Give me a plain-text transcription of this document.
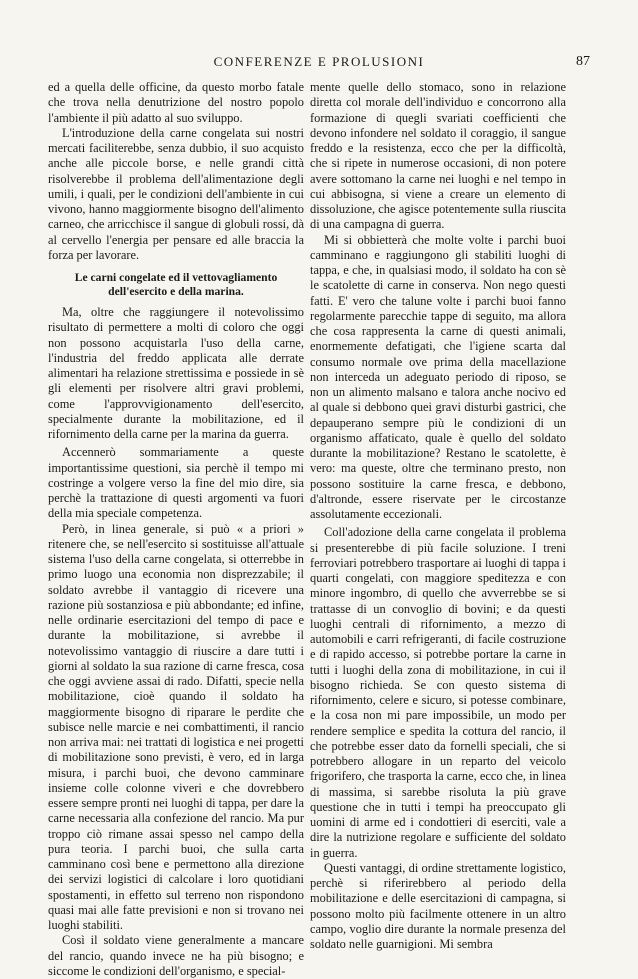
CONFERENZE E PROLUSIONI	87

ed a quella delle officine, da questo morbo fatale che trova nella denutrizione del nostro popolo l'ambiente il più adatto al suo sviluppo.

L'introduzione della carne congelata sui nostri mercati faciliterebbe, senza dubbio, il suo acquisto anche alle piccole borse, e nelle grandi città risolverebbe il problema dell'alimentazione degli umili, i quali, per le condizioni dell'ambiente in cui vivono, hanno maggiormente bisogno dell'alimento carneo, che arricchisce il sangue di globuli rossi, dà al cervello l'energia per pensare ed alle braccia la forza per lavorare.

Le carni congelate ed il vettovagliamento dell'esercito e della marina.

Ma, oltre che raggiungere il notevolissimo risultato di permettere a molti di coloro che oggi non possono acquistarla l'uso della carne, l'industria del freddo applicata alle derrate alimentari ha relazione strettissima e possiede in sè gli elementi per risolvere altri gravi problemi, come l'approvvigionamento dell'esercito, specialmente durante la mobilitazione, ed il rifornimento della carne per la marina da guerra.

Accennerò sommariamente a queste importantissime questioni, sia perchè il tempo mi costringe a volgere verso la fine del mio dire, sia perchè la trattazione di questi argomenti va fuori della mia speciale competenza.

Però, in linea generale, si può « a priori » ritenere che, se nell'esercito si sostituisse all'attuale sistema l'uso della carne congelata, si otterrebbe in primo luogo una economia non disprezzabile; il soldato avrebbe il vantaggio di ricevere una razione più sostanziosa e più abbondante; ed infine, nelle ordinarie esercitazioni del tempo di pace e durante la mobilitazione, si avrebbe il notevolissimo vantaggio di riuscire a dare tutti i giorni al soldato la sua razione di carne fresca, cosa che oggi avviene assai di rado. Difatti, specie nella mobilitazione, cioè quando il soldato ha maggiormente bisogno di riparare le perdite che subisce nelle marcie e nei combattimenti, il rancio non arriva mai: nei trattati di logistica e nei progetti di mobilitazione sono previsti, è vero, ed in larga misura, i parchi buoi, che devono camminare insieme colle colonne viveri e che dovrebbero essere sempre pronti nei luoghi di tappa, per dare la carne necessaria alla confezione del rancio. Ma pur troppo ciò rimane assai spesso nel campo della pura teoria. I parchi buoi, che sulla carta camminano così bene e permettono alla direzione dei servizi logistici di calcolare i loro quotidiani spostamenti, in effetto sul terreno non rispondono quasi mai alle fatte previsioni e non si trovano nei luoghi stabiliti.

Così il soldato viene generalmente a mancare del rancio, quando invece ne ha più bisogno; e siccome le condizioni dell'organismo, e special-

mente quelle dello stomaco, sono in relazione diretta col morale dell'individuo e concorrono alla formazione di quegli svariati coefficienti che devono infondere nel soldato il coraggio, il sangue freddo e la resistenza, ecco che per la difficoltà, che si ripete in numerose occasioni, di non potere avere sottomano la carne nei luoghi e nel tempo in cui abbisogna, si viene a creare un elemento di dissoluzione, che agisce potentemente sulla riuscita di una campagna di guerra.

Mi si obbietterà che molte volte i parchi buoi camminano e raggiungono gli stabiliti luoghi di tappa, e che, in qualsiasi modo, il soldato ha con sè le scatolette di carne in conserva. Non nego questi fatti. E' vero che talune volte i parchi buoi fanno regolarmente parecchie tappe di seguito, ma allora che cosa rappresenta la carne di questi animali, enormemente defatigati, che l'igiene scarta dal consumo normale ove prima della macellazione non interceda un adeguato periodo di riposo, se non un alimento malsano e talora anche nocivo ed al quale si debbono quei gravi disturbi gastrici, che depauperano sempre più le condizioni di un organismo affaticato, quale è quello del soldato durante la mobilitazione? Restano le scatolette, è vero: ma queste, oltre che terminano presto, non possono sostituire la carne fresca, e debbono, d'altronde, essere riservate per le circostanze assolutamente eccezionali.

Coll'adozione della carne congelata il problema si presenterebbe di più facile soluzione. I treni ferroviari potrebbero trasportare ai luoghi di tappa i quarti congelati, con maggiore speditezza e con minore ingombro, di quello che avverrebbe se si trattasse di un convoglio di bovini; e da questi luoghi centrali di rifornimento, a mezzo di automobili e carri refrigeranti, di facile costruzione e di rapido accesso, si potrebbe portare la carne in tutti i luoghi della zona di mobilitazione, in cui il bisogno richieda. Se con questo sistema di rifornimento, celere e sicuro, si potesse combinare, e la cosa non mi pare impossibile, un modo per rendere semplice e spedita la cottura del rancio, il che potrebbe esser dato da fornelli speciali, che si potrebbero allogare in un reparto del veicolo frigorifero, che trasporta la carne, ecco che, in linea di massima, si sarebbe risoluta la più grave questione che in tutti i tempi ha preoccupato gli uomini di arme ed i condottieri di eserciti, vale a dire la nutrizione regolare e sufficiente del soldato in guerra.

Questi vantaggi, di ordine strettamente logistico, perchè si riferirebbero al periodo della mobilitazione e delle esercitazioni di campagna, si possono molto più facilmente ottenere in un altro campo, voglio dire durante la normale presenza del soldato nelle guarnigioni. Mi sembra
